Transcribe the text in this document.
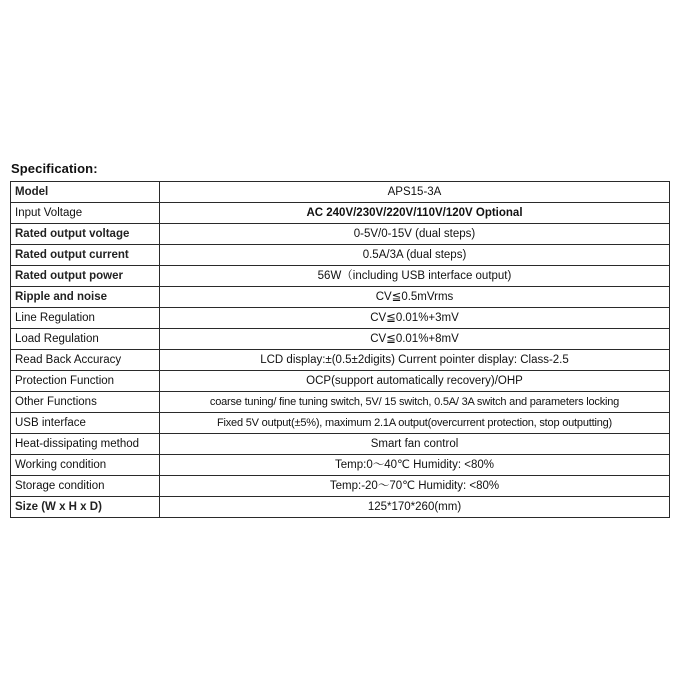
Specification:
Model	APS15-3A
Input Voltage	AC 240V/230V/220V/110V/120V Optional
Rated output voltage	0-5V/0-15V (dual steps)
Rated output current	0.5A/3A (dual steps)
Rated output power	56W（including USB interface output)
Ripple and noise	CV≦0.5mVrms
Line Regulation	CV≦0.01%+3mV
Load Regulation	CV≦0.01%+8mV
Read Back Accuracy	LCD display:±(0.5±2digits) Current pointer display: Class-2.5
Protection Function	OCP(support automatically recovery)/OHP
Other Functions	coarse tuning/ fine tuning switch, 5V/ 15 switch, 0.5A/ 3A switch and parameters locking
USB interface	Fixed 5V output(±5%), maximum 2.1A output(overcurrent protection, stop outputting)
Heat-dissipating method	Smart fan control
Working condition	Temp:0～40℃ Humidity: <80%
Storage condition	Temp:-20～70℃ Humidity: <80%
Size (W x H x D)	125*170*260(mm)
